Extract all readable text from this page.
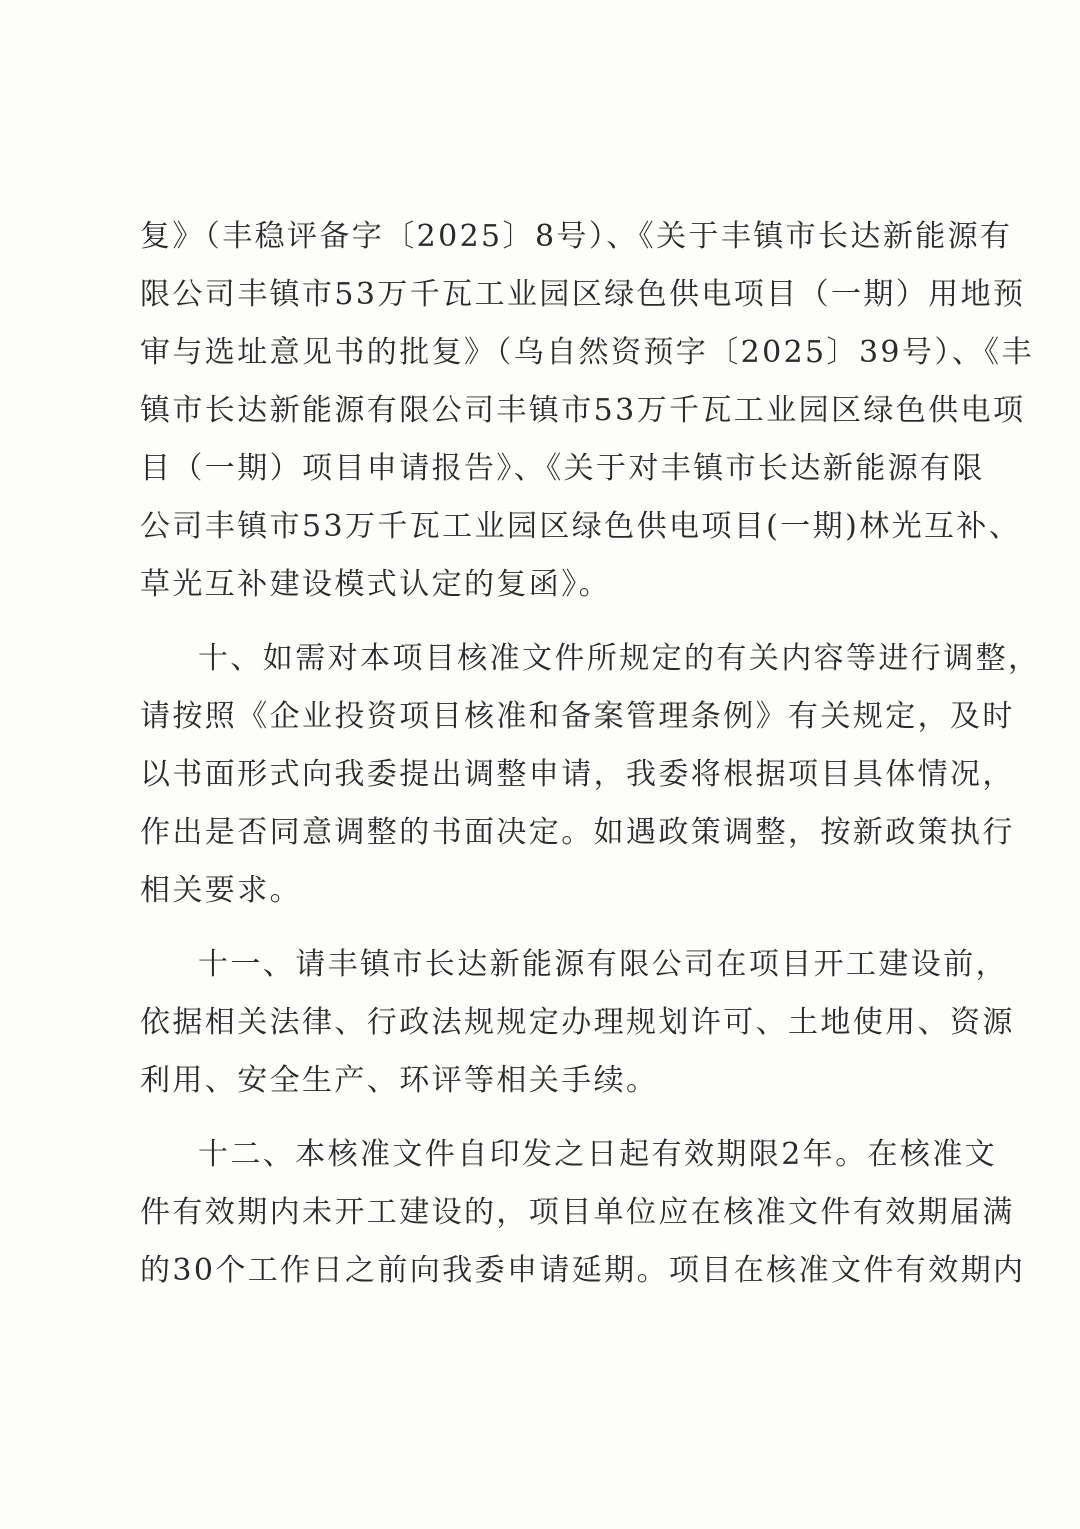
复》（丰稳评备字〔2025〕8号）、《关于丰镇市长达新能源有
限公司丰镇市53万千瓦工业园区绿色供电项目（一期）用地预
审与选址意见书的批复》（乌自然资预字〔2025〕39号）、《丰
镇市长达新能源有限公司丰镇市53万千瓦工业园区绿色供电项
目（一期）项目申请报告》、《关于对丰镇市长达新能源有限
公司丰镇市53万千瓦工业园区绿色供电项目(一期)林光互补、
草光互补建设模式认定的复函》。
十、如需对本项目核准文件所规定的有关内容等进行调整，
请按照《企业投资项目核准和备案管理条例》有关规定，及时
以书面形式向我委提出调整申请，我委将根据项目具体情况，
作出是否同意调整的书面决定。如遇政策调整，按新政策执行
相关要求。
十一、请丰镇市长达新能源有限公司在项目开工建设前，
依据相关法律、行政法规规定办理规划许可、土地使用、资源
利用、安全生产、环评等相关手续。
十二、本核准文件自印发之日起有效期限2年。在核准文
件有效期内未开工建设的，项目单位应在核准文件有效期届满
的30个工作日之前向我委申请延期。项目在核准文件有效期内
